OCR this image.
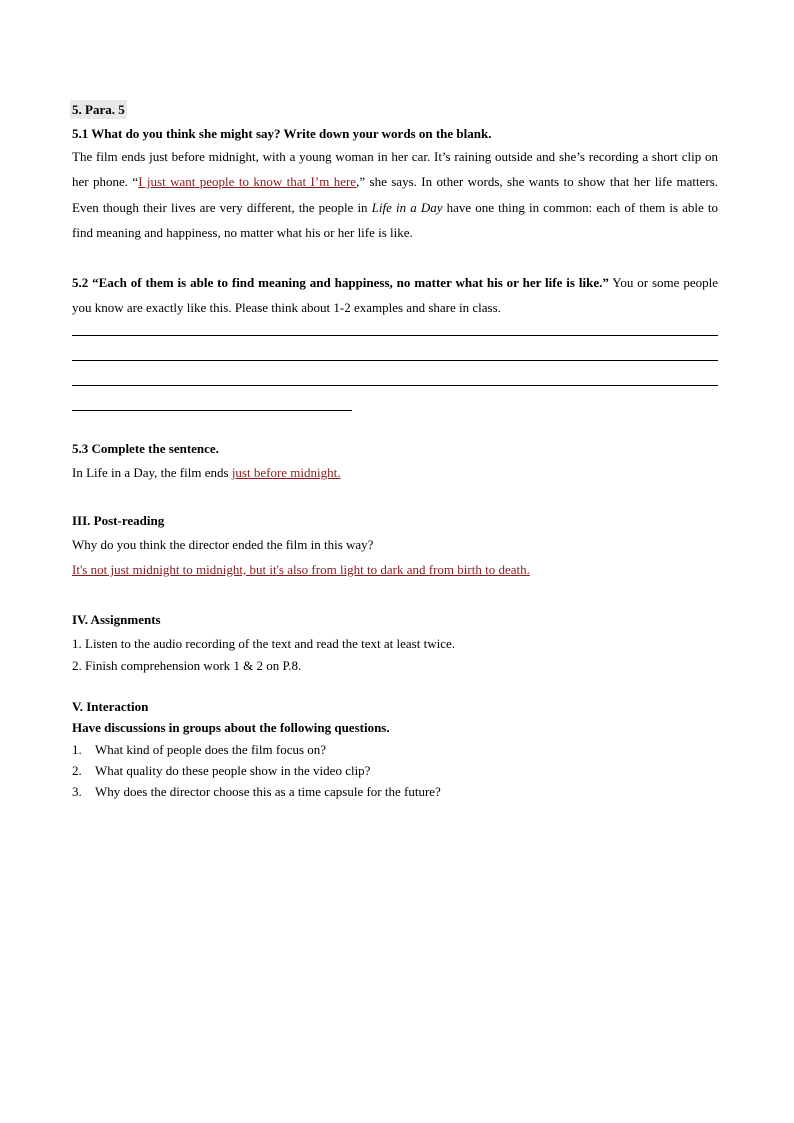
5. Para. 5

5.1 What do you think she might say? Write down your words on the blank.

The film ends just before midnight, with a young woman in her car. It’s raining outside and she’s recording a short clip on her phone. “I just want people to know that I’m here,” she says. In other words, she wants to show that her life matters. Even though their lives are very different, the people in Life in a Day have one thing in common: each of them is able to find meaning and happiness, no matter what his or her life is like.

5.2 “Each of them is able to find meaning and happiness, no matter what his or her life is like.” You or some people you know are exactly like this. Please think about 1-2 examples and share in class.

5.3 Complete the sentence.

In Life in a Day, the film ends just before midnight.

III. Post-reading

Why do you think the director ended the film in this way?

It's not just midnight to midnight, but it's also from light to dark and from birth to death.

IV. Assignments

1. Listen to the audio recording of the text and read the text at least twice.

2. Finish comprehension work 1 & 2 on P.8.

V. Interaction

Have discussions in groups about the following questions.

1. What kind of people does the film focus on?
2. What quality do these people show in the video clip?
3. Why does the director choose this as a time capsule for the future?
